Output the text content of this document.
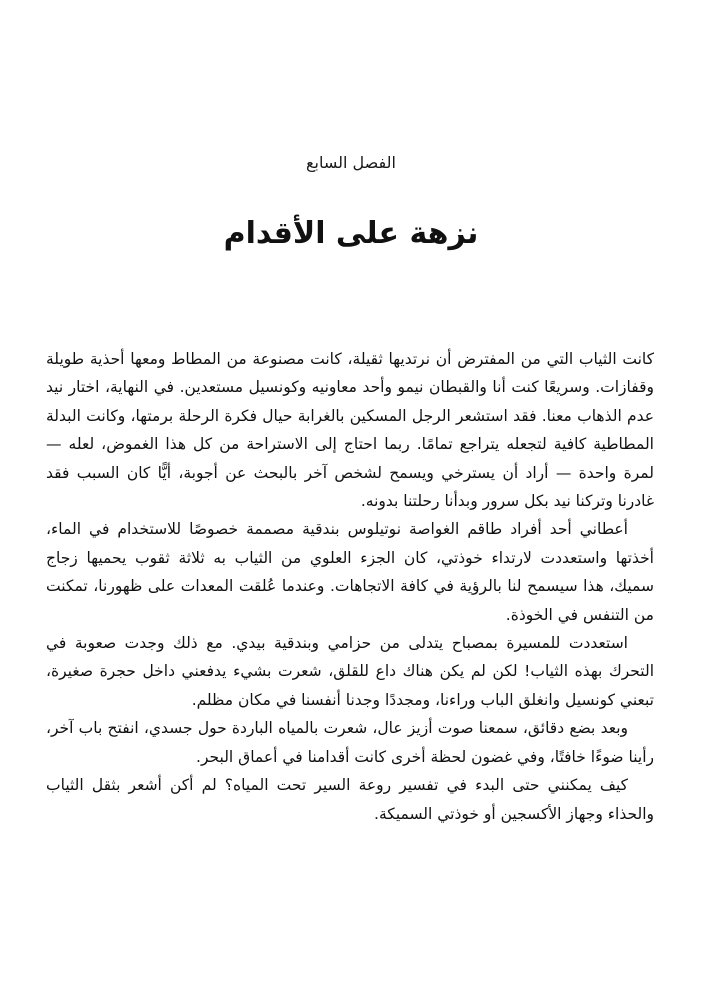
الفصل السابع
نزهة على الأقدام

كانت الثياب التي من المفترض أن نرتديها ثقيلة، كانت مصنوعة من المطاط ومعها أحذية طويلة وقفازات. وسريعًا كنت أنا والقبطان نيمو وأحد معاونيه وكونسيل مستعدين. في النهاية، اختار نيد عدم الذهاب معنا. فقد استشعر الرجل المسكين بالغرابة حيال فكرة الرحلة برمتها، وكانت البدلة المطاطية كافية لتجعله يتراجع تمامًا. ربما احتاج إلى الاستراحة من كل هذا الغموض، لعله — لمرة واحدة — أراد أن يسترخي ويسمح لشخص آخر بالبحث عن أجوبة، أيًّا كان السبب فقد غادرنا وتركنا نيد بكل سرور وبدأنا رحلتنا بدونه.

أعطاني أحد أفراد طاقم الغواصة نوتيلوس بندقية مصممة خصوصًا للاستخدام في الماء، أخذتها واستعددت لارتداء خوذتي، كان الجزء العلوي من الثياب به ثلاثة ثقوب يحميها زجاج سميك، هذا سيسمح لنا بالرؤية في كافة الاتجاهات. وعندما عُلقت المعدات على ظهورنا، تمكنت من التنفس في الخوذة.

استعددت للمسيرة بمصباح يتدلى من حزامي وبندقية بيدي. مع ذلك وجدت صعوبة في التحرك بهذه الثياب! لكن لم يكن هناك داع للقلق، شعرت بشيء يدفعني داخل حجرة صغيرة، تبعني كونسيل وانغلق الباب وراءنا، ومجددًا وجدنا أنفسنا في مكان مظلم.

وبعد بضع دقائق، سمعنا صوت أزيز عال، شعرت بالمياه الباردة حول جسدي، انفتح باب آخر، رأينا ضوءًا خافتًا، وفي غضون لحظة أخرى كانت أقدامنا في أعماق البحر.

كيف يمكنني حتى البدء في تفسير روعة السير تحت المياه؟ لم أكن أشعر بثقل الثياب والحذاء وجهاز الأكسجين أو خوذتي السميكة.
